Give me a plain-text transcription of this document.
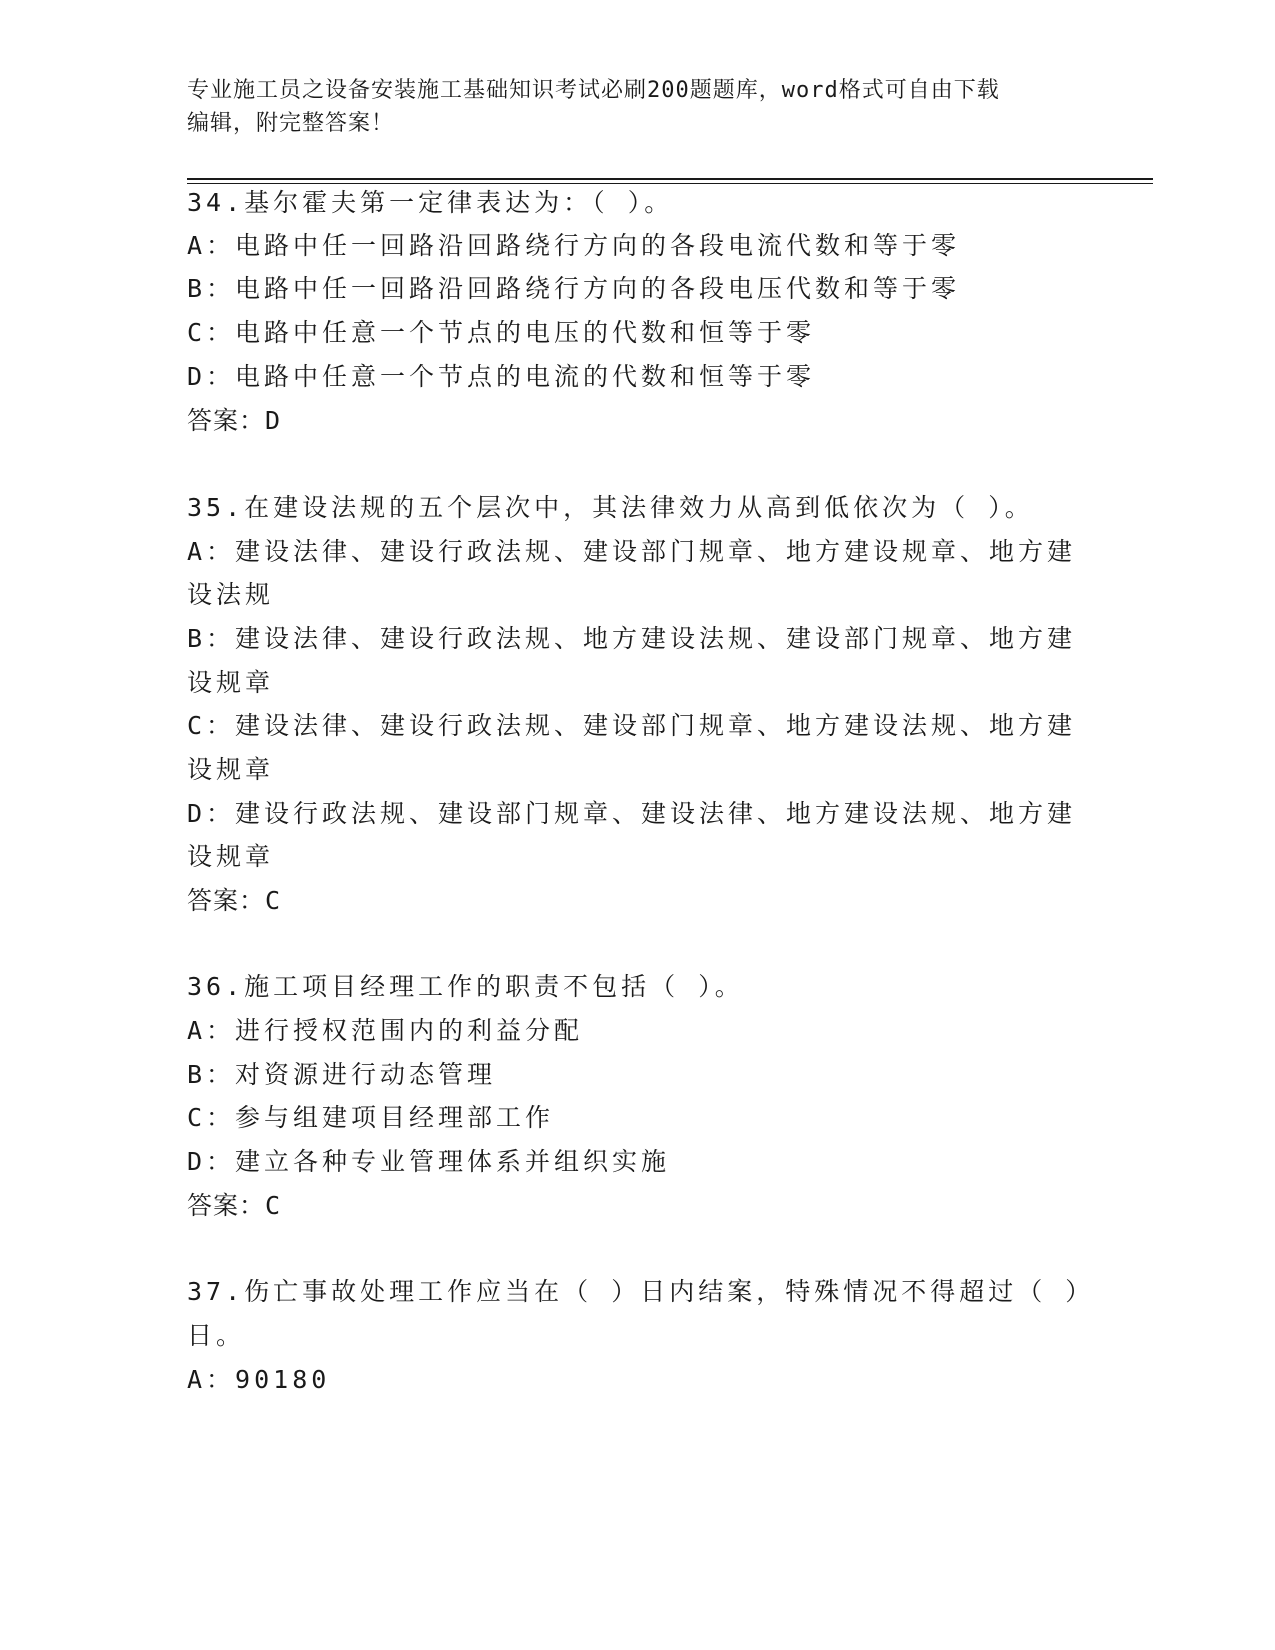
专业施工员之设备安装施工基础知识考试必刷200题题库，word格式可自由下载
编辑，附完整答案！
34.基尔霍夫第一定律表达为：（ ）。
A：电路中任一回路沿回路绕行方向的各段电流代数和等于零
B：电路中任一回路沿回路绕行方向的各段电压代数和等于零
C：电路中任意一个节点的电压的代数和恒等于零
D：电路中任意一个节点的电流的代数和恒等于零
答案：D
35.在建设法规的五个层次中，其法律效力从高到低依次为（ ）。
A：建设法律、建设行政法规、建设部门规章、地方建设规章、地方建
设法规
B：建设法律、建设行政法规、地方建设法规、建设部门规章、地方建
设规章
C：建设法律、建设行政法规、建设部门规章、地方建设法规、地方建
设规章
D：建设行政法规、建设部门规章、建设法律、地方建设法规、地方建
设规章
答案：C
36.施工项目经理工作的职责不包括（ ）。
A：进行授权范围内的利益分配
B：对资源进行动态管理
C：参与组建项目经理部工作
D：建立各种专业管理体系并组织实施
答案：C
37.伤亡事故处理工作应当在（ ）日内结案，特殊情况不得超过（ ）
日。
A：90180
